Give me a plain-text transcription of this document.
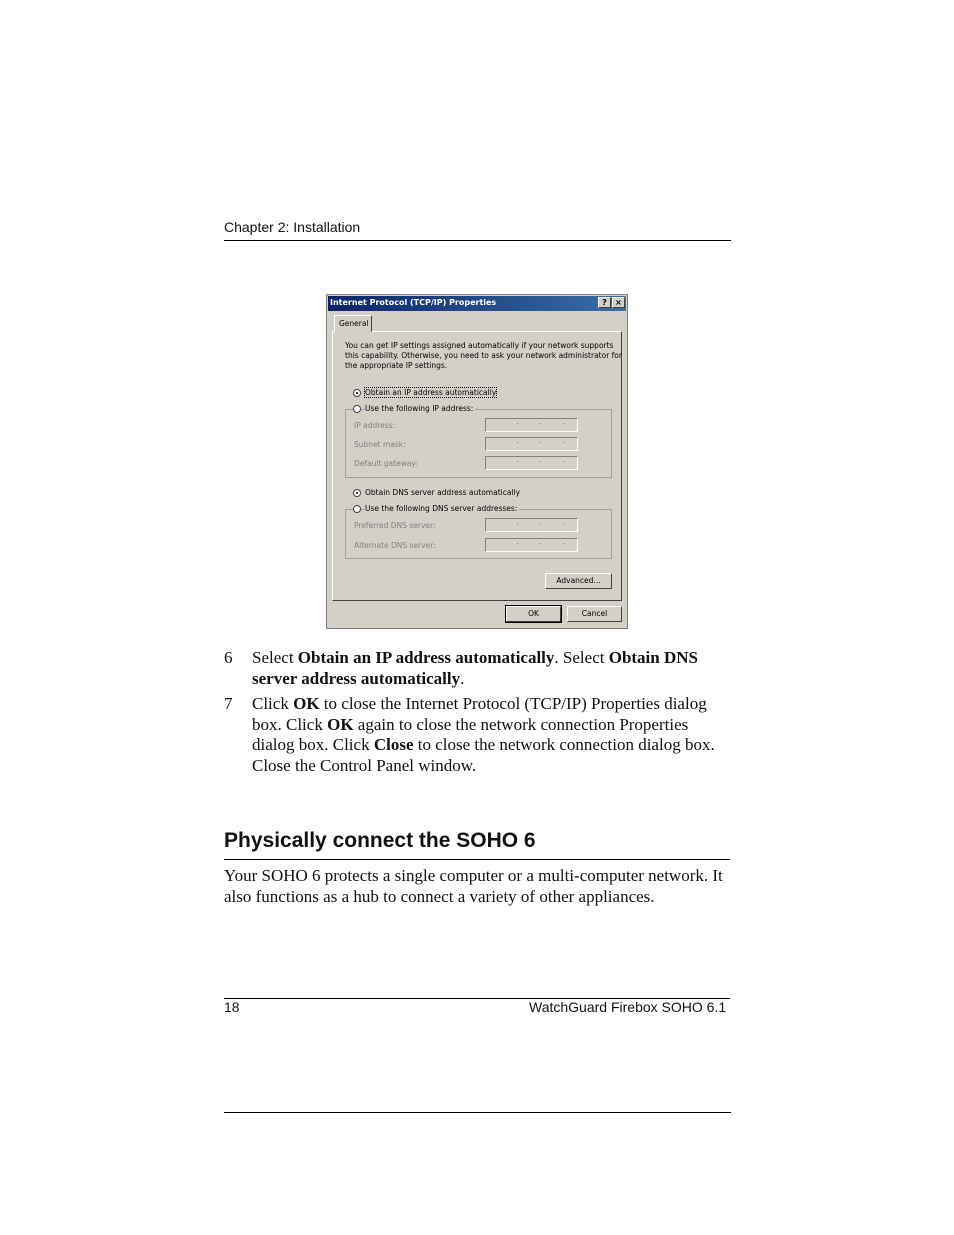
Chapter 2: Installation
Internet Protocol (TCP/IP) Properties	?	×
General
You can get IP settings assigned automatically if your network supports
this capability. Otherwise, you need to ask your network administrator for
the appropriate IP settings.
Obtain an IP address automatically
Use the following IP address:
IP address:
Subnet mask:
Default gateway:
Obtain DNS server address automatically
Use the following DNS server addresses:
Preferred DNS server:
Alternate DNS server:
Advanced...
OK	Cancel
6 Select Obtain an IP address automatically. Select Obtain DNS server address automatically.
7 Click OK to close the Internet Protocol (TCP/IP) Properties dialog box. Click OK again to close the network connection Properties dialog box. Click Close to close the network connection dialog box. Close the Control Panel window.
Physically connect the SOHO 6
Your SOHO 6 protects a single computer or a multi-computer network. It also functions as a hub to connect a variety of other appliances.
18	WatchGuard Firebox SOHO 6.1
